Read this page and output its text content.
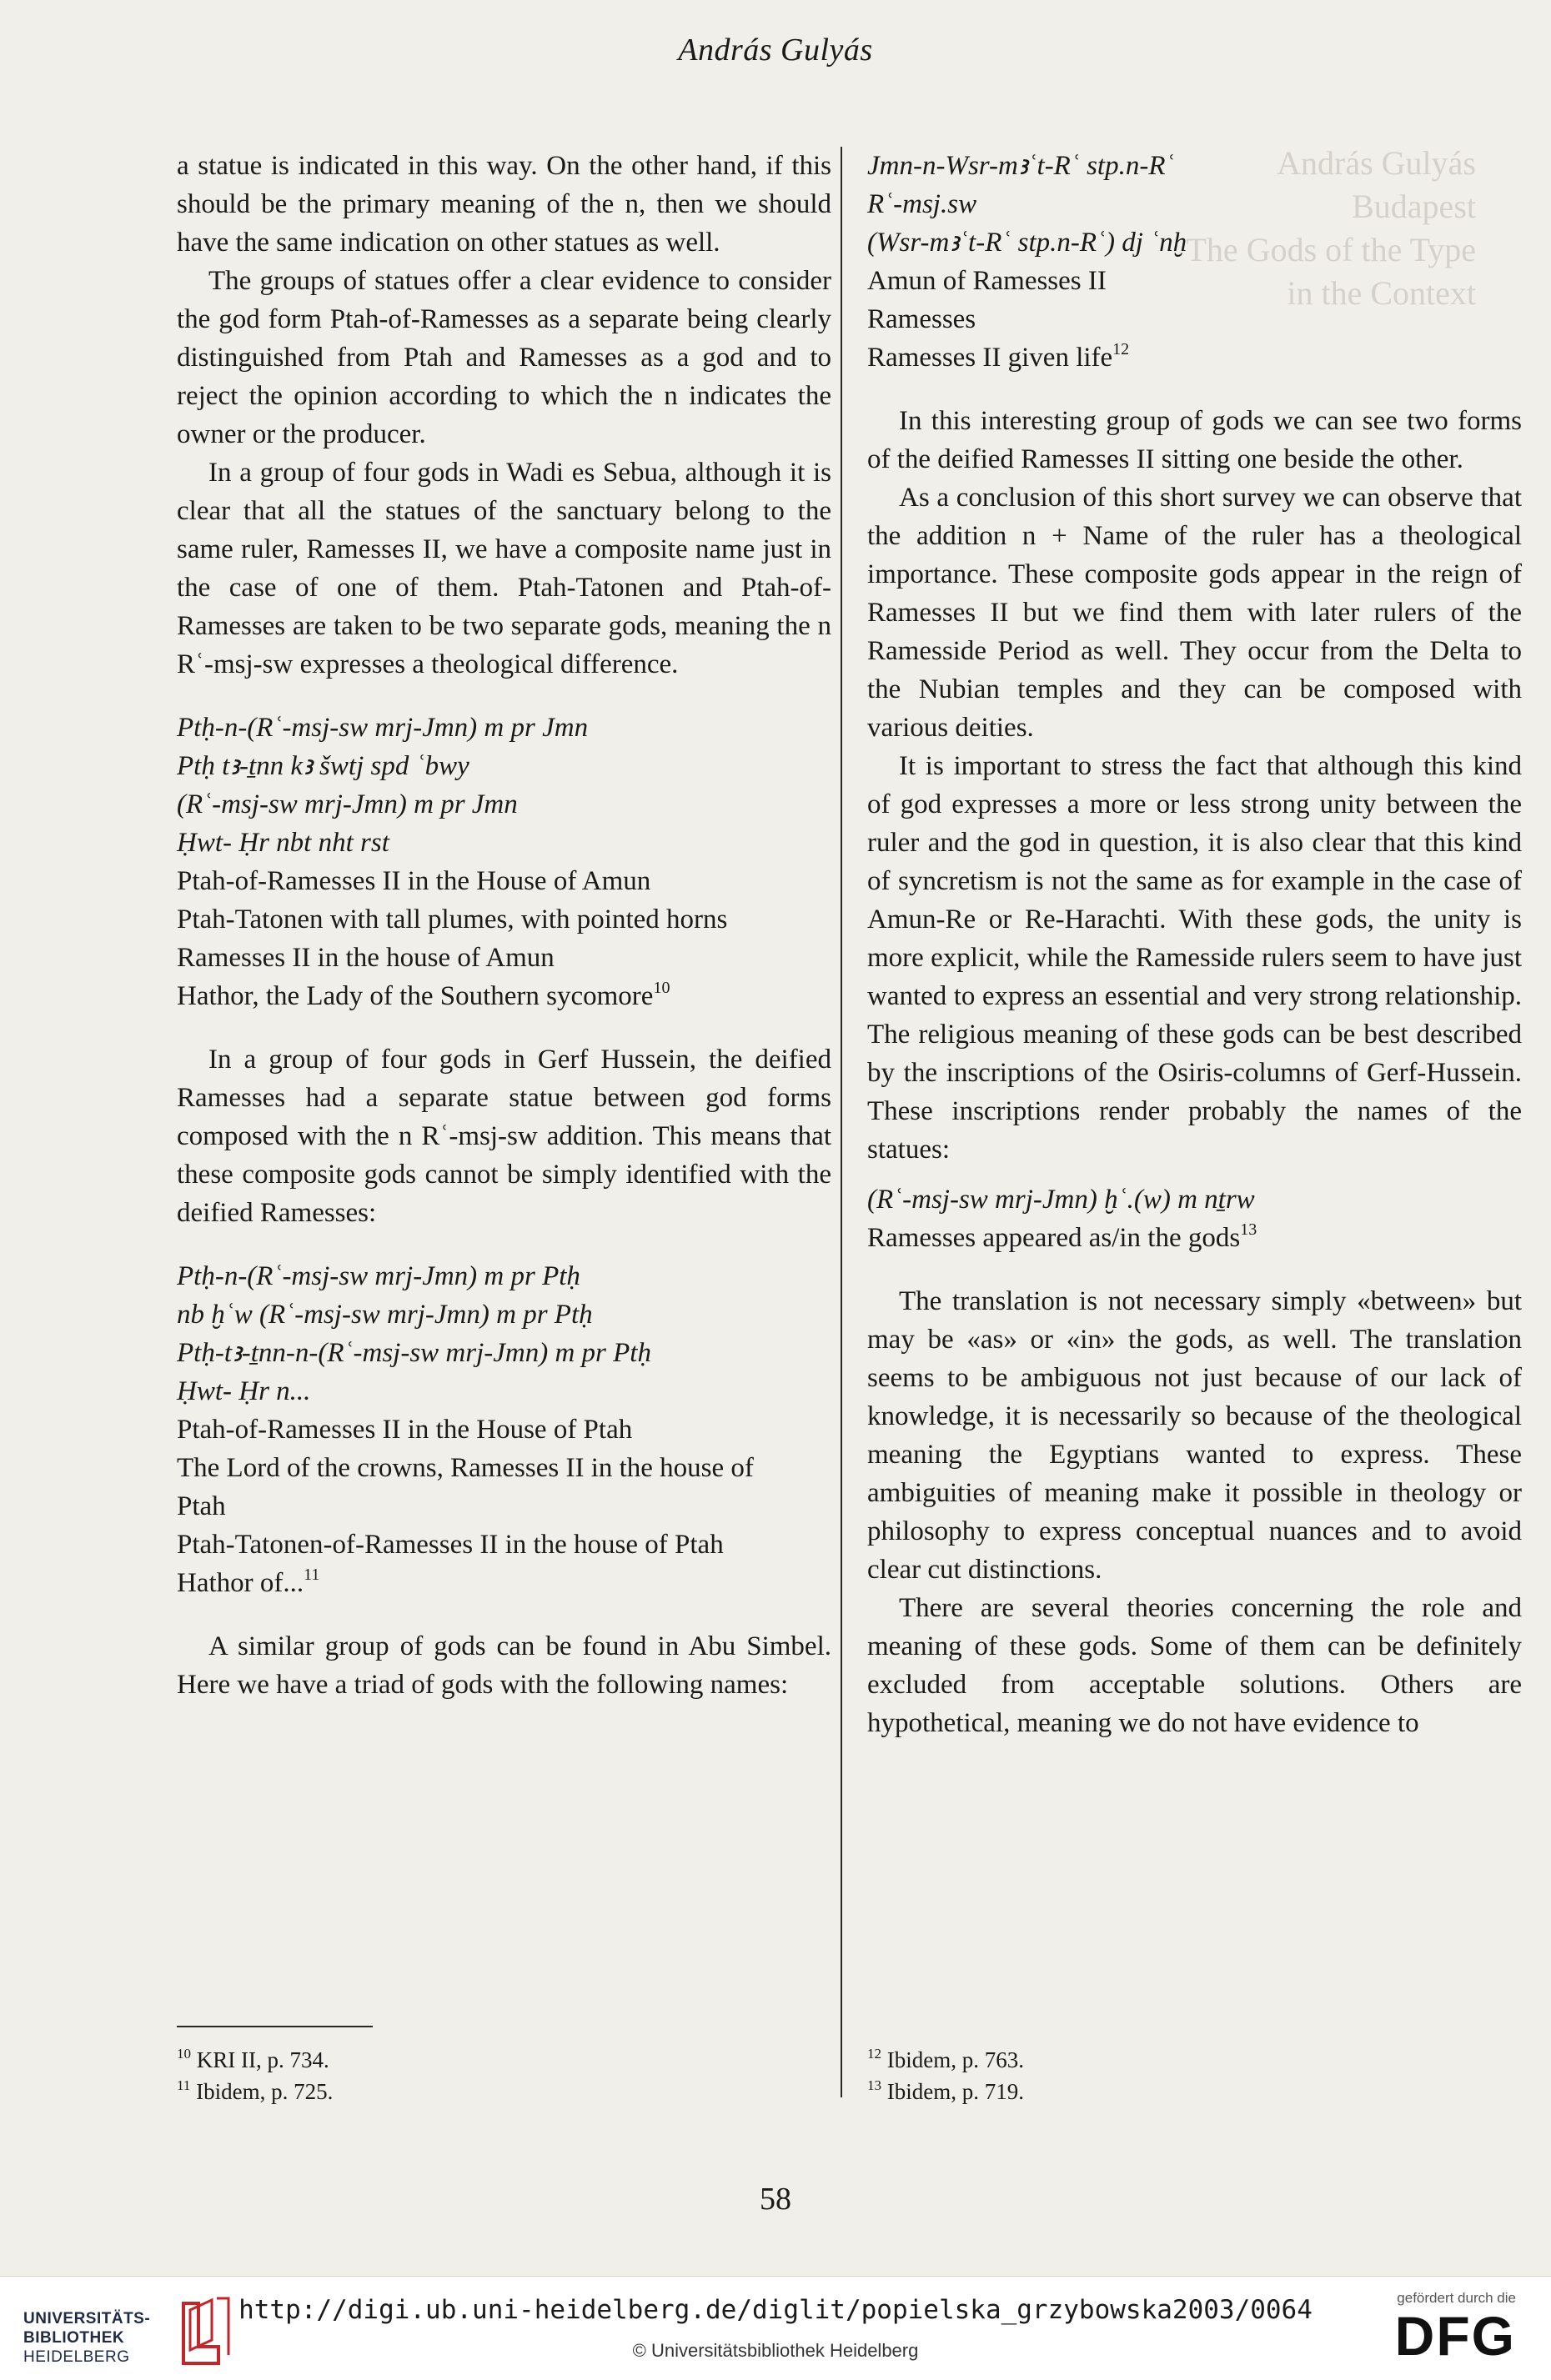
András Gulyás
Budapest
The Gods of the Type
in the Context
András Gulyás

a statue is indicated in this way. On the other hand, if this should be the primary meaning of the n, then we should have the same indication on other statues as well.

The groups of statues offer a clear evidence to consider the god form Ptah-of-Ramesses as a separate being clearly distinguished from Ptah and Ramesses as a god and to reject the opinion according to which the n indicates the owner or the producer.

In a group of four gods in Wadi es Sebua, although it is clear that all the statues of the sanctuary belong to the same ruler, Ramesses II, we have a composite name just in the case of one of them. Ptah-Tatonen and Ptah-of-Ramesses are taken to be two separate gods, meaning the n Rʿ-msj-sw expresses a theological difference.

Ptḥ-n-(Rʿ-msj-sw mrj-Jmn) m pr Jmn
Ptḥ tꜣ-ṯnn kꜣ šwtj spd ʿbwy
(Rʿ-msj-sw mrj-Jmn) m pr Jmn
Ḥwt- Ḥr nbt nht rst
Ptah-of-Ramesses II in the House of Amun
Ptah-Tatonen with tall plumes, with pointed horns
Ramesses II in the house of Amun
Hathor, the Lady of the Southern sycomore$^{10}$

In a group of four gods in Gerf Hussein, the deified Ramesses had a separate statue between god forms composed with the n Rʿ-msj-sw addition. This means that these composite gods cannot be simply identified with the deified Ramesses:

Ptḥ-n-(Rʿ-msj-sw mrj-Jmn) m pr Ptḥ
nb ḫʿw (Rʿ-msj-sw mrj-Jmn) m pr Ptḥ
Ptḥ-tꜣ-ṯnn-n-(Rʿ-msj-sw mrj-Jmn) m pr Ptḥ
Ḥwt- Ḥr n...
Ptah-of-Ramesses II in the House of Ptah
The Lord of the crowns, Ramesses II in the house of
Ptah
Ptah-Tatonen-of-Ramesses II in the house of Ptah
Hathor of...$^{11}$

A similar group of gods can be found in Abu Simbel. Here we have a triad of gods with the following names:

Jmn-n-Wsr-mꜣʿt-Rʿ stp.n-Rʿ
Rʿ-msj.sw
(Wsr-mꜣʿt-Rʿ stp.n-Rʿ) dj ʿnḫ
Amun of Ramesses II
Ramesses
Ramesses II given life$^{12}$

In this interesting group of gods we can see two forms of the deified Ramesses II sitting one beside the other.

As a conclusion of this short survey we can observe that the addition n + Name of the ruler has a theological importance. These composite gods appear in the reign of Ramesses II but we find them with later rulers of the Ramesside Period as well. They occur from the Delta to the Nubian temples and they can be composed with various deities.

It is important to stress the fact that although this kind of god expresses a more or less strong unity between the ruler and the god in question, it is also clear that this kind of syncretism is not the same as for example in the case of Amun-Re or Re-Harachti. With these gods, the unity is more explicit, while the Ramesside rulers seem to have just wanted to express an essential and very strong relationship. The religious meaning of these gods can be best described by the inscriptions of the Osiris-columns of Gerf-Hussein. These inscriptions render probably the names of the statues:

(Rʿ-msj-sw mrj-Jmn) ḫʿ.(w) m nṯrw
Ramesses appeared as/in the gods$^{13}$

The translation is not necessary simply «between» but may be «as» or «in» the gods, as well. The translation seems to be ambiguous not just because of our lack of knowledge, it is necessarily so because of the theological meaning the Egyptians wanted to express. These ambiguities of meaning make it possible in theology or philosophy to express conceptual nuances and to avoid clear cut distinctions.

There are several theories concerning the role and meaning of these gods. Some of them can be definitely excluded from acceptable solutions. Others are hypothetical, meaning we do not have evidence to

$^{10}$ KRI II, p. 734.
$^{11}$ Ibidem, p. 725.
$^{12}$ Ibidem, p. 763.
$^{13}$ Ibidem, p. 719.
58
UNIVERSITÄTS-
BIBLIOTHEK
HEIDELBERG
http://digi.ub.uni-heidelberg.de/diglit/popielska_grzybowska2003/0064
© Universitätsbibliothek Heidelberg
gefördert durch die
DFG
